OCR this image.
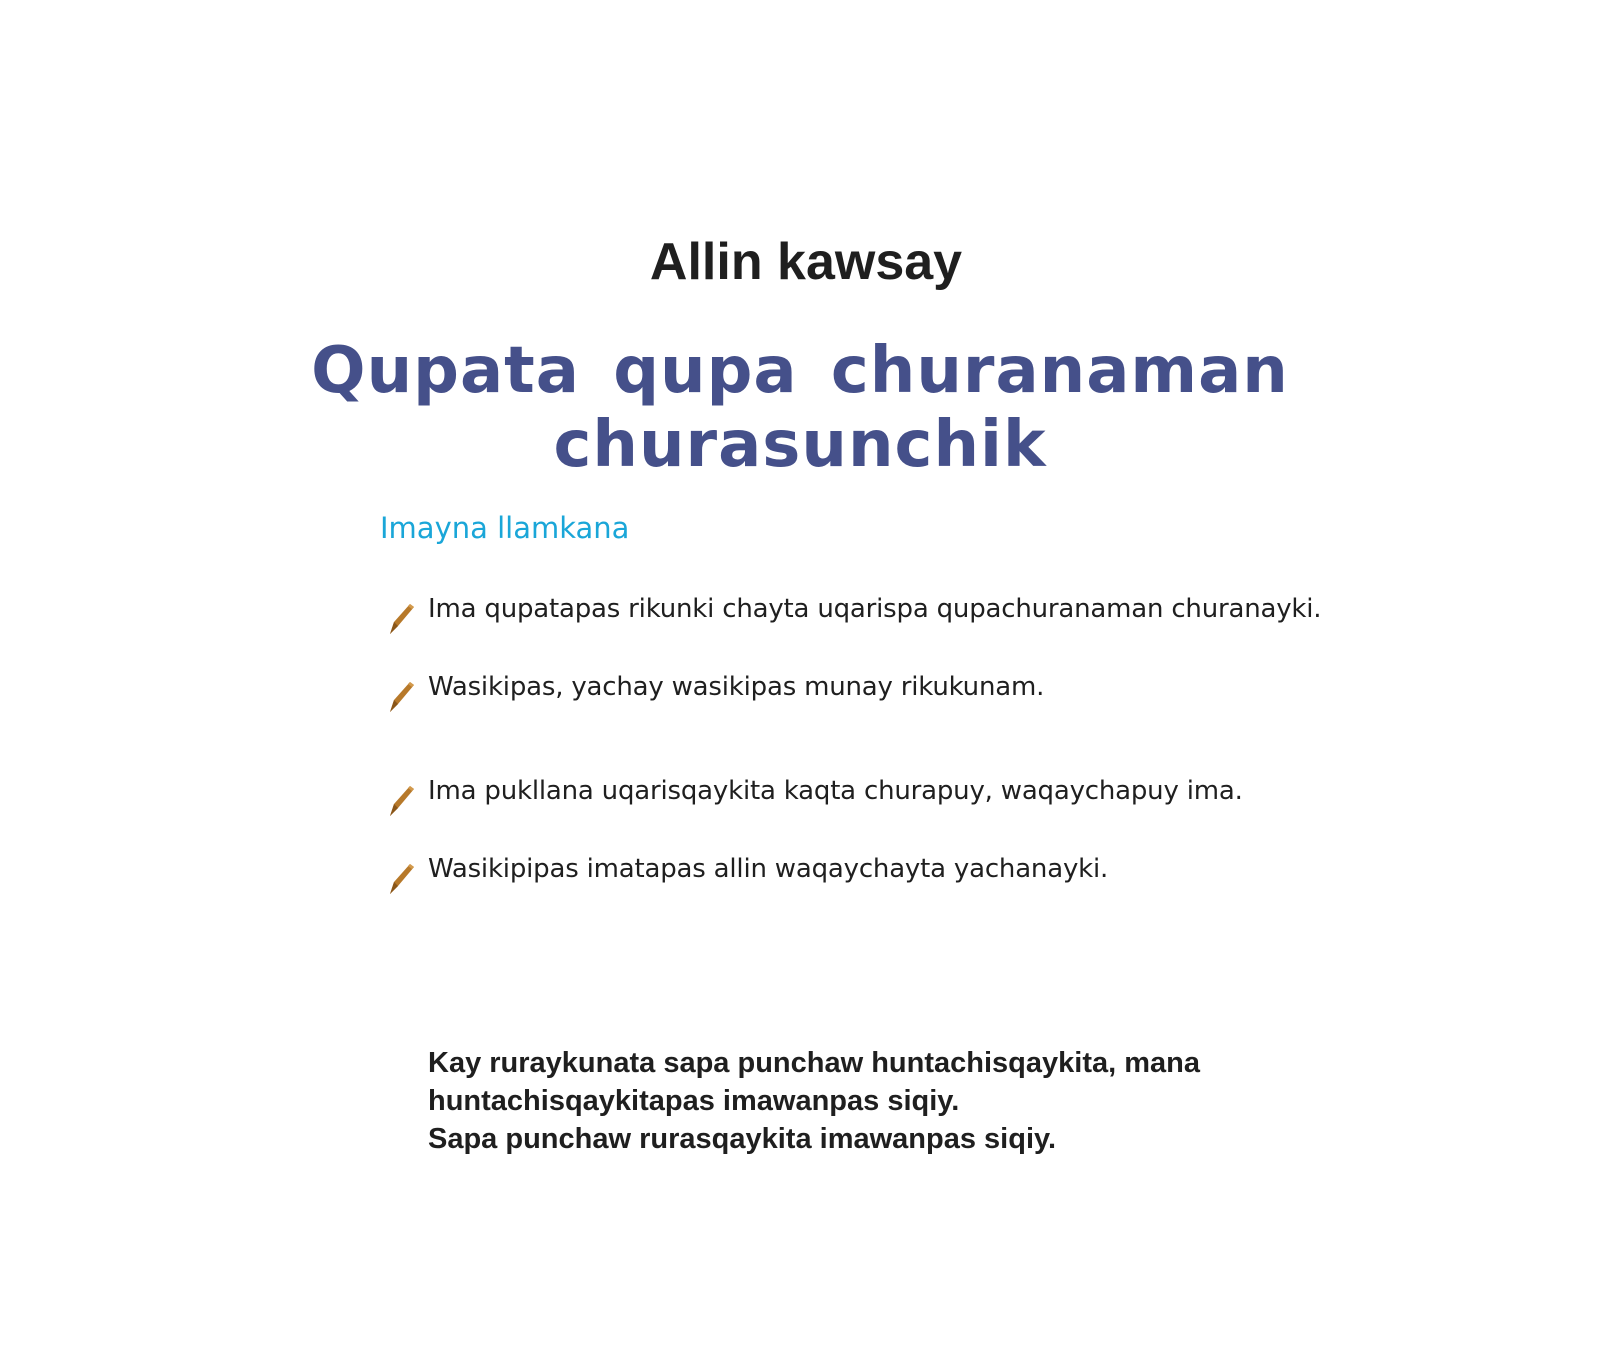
Allin kawsay
Qupata qupa churanaman
churasunchik
Imayna llamkana
Ima qupatapas rikunki chayta uqarispa qupachuranaman churanayki.
Wasikipas, yachay wasikipas munay rikukunam.
Ima pukllana uqarisqaykita kaqta churapuy, waqaychapuy ima.
Wasikipipas imatapas allin waqaychayta yachanayki.
Kay ruraykunata sapa punchaw huntachisqaykita, mana
huntachisqaykitapas imawanpas siqiy.
Sapa punchaw rurasqaykita imawanpas siqiy.
